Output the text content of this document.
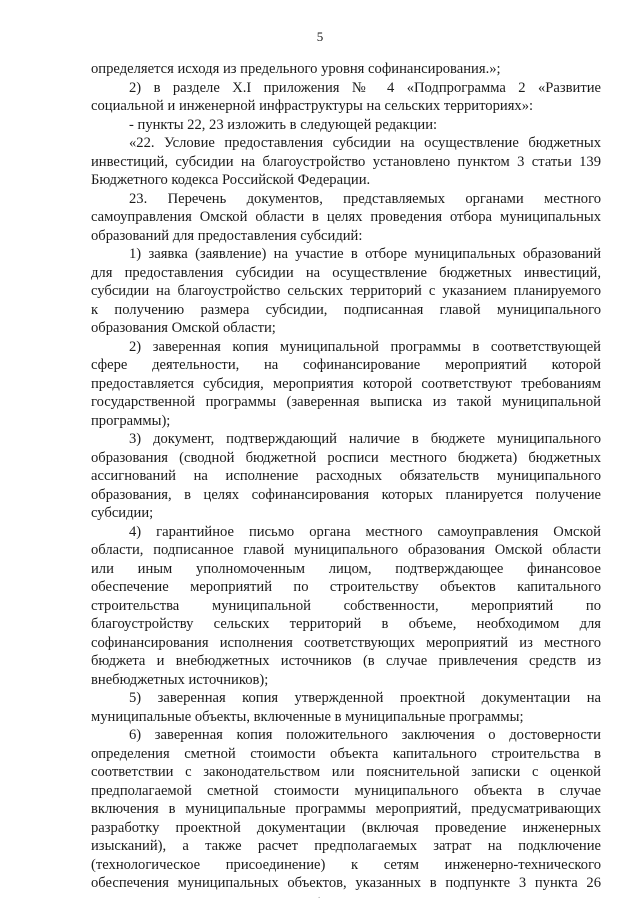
5
определяется исходя из предельного уровня софинансирования.»;
2) в разделе X.I приложения № 4 «Подпрограмма 2 «Развитие
социальной и инженерной инфраструктуры на сельских территориях»:
- пункты 22, 23 изложить в следующей редакции:
«22. Условие предоставления субсидии на осуществление бюджетных
инвестиций, субсидии на благоустройство установлено пунктом 3 статьи 139
Бюджетного кодекса Российской Федерации.
23. Перечень документов, представляемых органами местного
самоуправления Омской области в целях проведения отбора муниципальных
образований для предоставления субсидий:
1) заявка (заявление) на участие в отборе муниципальных образований
для предоставления субсидии на осуществление бюджетных инвестиций,
субсидии на благоустройство сельских территорий с указанием планируемого
к получению размера субсидии, подписанная главой муниципального
образования Омской области;
2) заверенная копия муниципальной программы в соответствующей
сфере деятельности, на софинансирование мероприятий которой
предоставляется субсидия, мероприятия которой соответствуют требованиям
государственной программы (заверенная выписка из такой муниципальной
программы);
3) документ, подтверждающий наличие в бюджете муниципального
образования (сводной бюджетной росписи местного бюджета) бюджетных
ассигнований на исполнение расходных обязательств муниципального
образования, в целях софинансирования которых планируется получение
субсидии;
4) гарантийное письмо органа местного самоуправления Омской
области, подписанное главой муниципального образования Омской области
или иным уполномоченным лицом, подтверждающее финансовое
обеспечение мероприятий по строительству объектов капитального
строительства муниципальной собственности, мероприятий по
благоустройству сельских территорий в объеме, необходимом для
софинансирования исполнения соответствующих мероприятий из местного
бюджета и внебюджетных источников (в случае привлечения средств из
внебюджетных источников);
5) заверенная копия утвержденной проектной документации на
муниципальные объекты, включенные в муниципальные программы;
6) заверенная копия положительного заключения о достоверности
определения сметной стоимости объекта капитального строительства в
соответствии с законодательством или пояснительной записки с оценкой
предполагаемой сметной стоимости муниципального объекта в случае
включения в муниципальные программы мероприятий, предусматривающих
разработку проектной документации (включая проведение инженерных
изысканий), а также расчет предполагаемых затрат на подключение
(технологическое присоединение) к сетям инженерно-технического
обеспечения муниципальных объектов, указанных в подпункте 3 пункта 26
.
